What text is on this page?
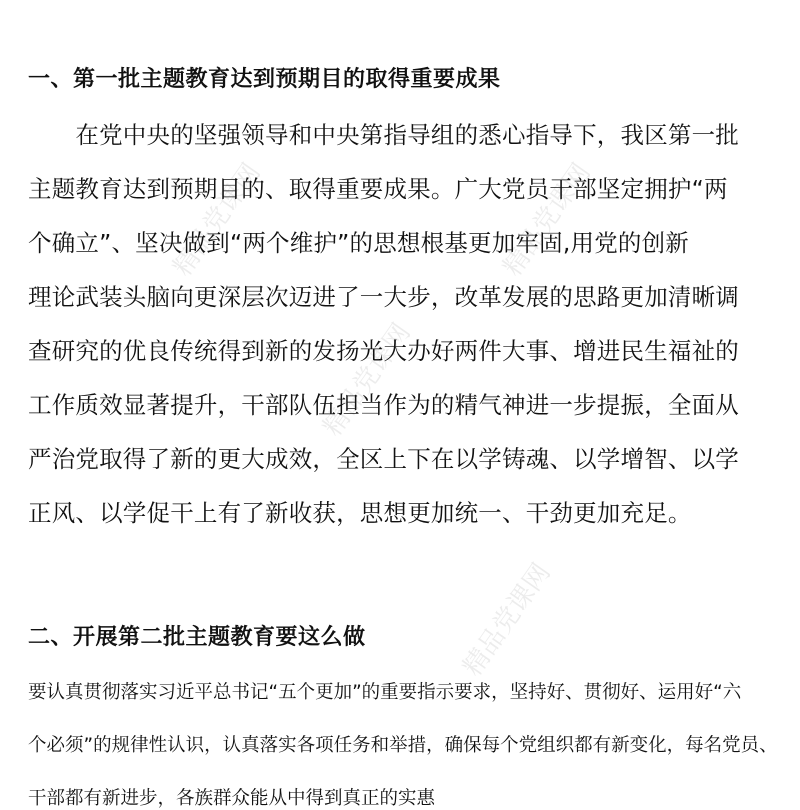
精品党课网	精品党课网
精品党课网
精品党课网
一、第一批主题教育达到预期目的取得重要成果
　　在党中央的坚强领导和中央第指导组的悉心指导下，我区第一批
主题教育达到预期目的、取得重要成果。广大党员干部坚定拥护“两
个确立”、坚决做到“两个维护”的思想根基更加牢固,用党的创新
理论武装头脑向更深层次迈进了一大步，改革发展的思路更加清晰调
查研究的优良传统得到新的发扬光大办好两件大事、增进民生福祉的
工作质效显著提升，干部队伍担当作为的精气神进一步提振，全面从
严治党取得了新的更大成效，全区上下在以学铸魂、以学增智、以学
正风、以学促干上有了新收获，思想更加统一、干劲更加充足。
二、开展第二批主题教育要这么做
要认真贯彻落实习近平总书记“五个更加”的重要指示要求，坚持好、贯彻好、运用好“六
个必须”的规律性认识，认真落实各项任务和举措，确保每个党组织都有新变化，每名党员、
干部都有新进步，各族群众能从中得到真正的实惠
